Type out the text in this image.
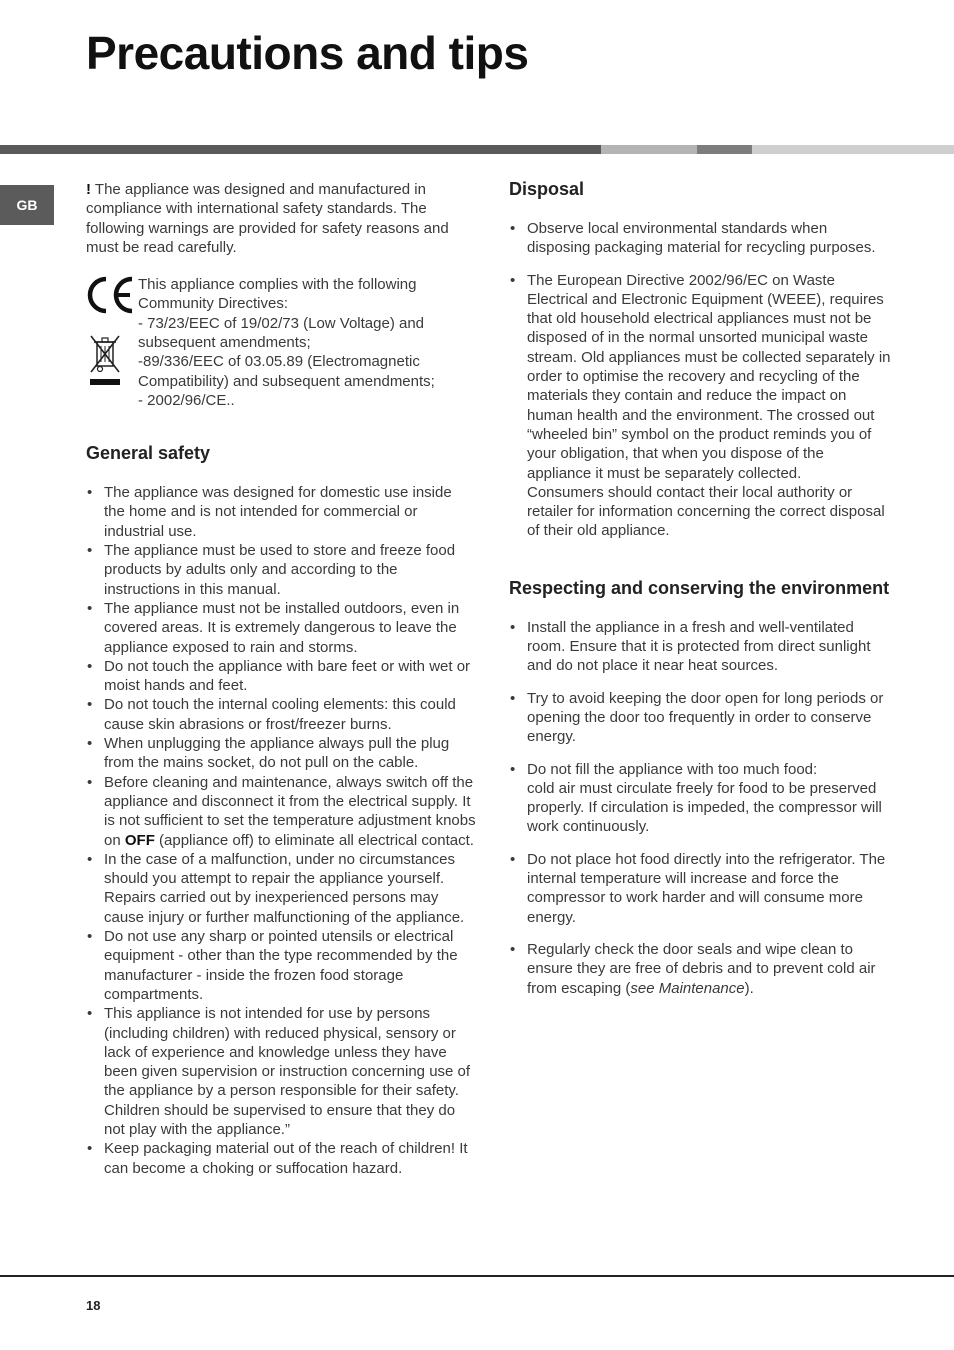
Precautions and tips
GB

! The appliance was designed and manufactured in compliance with international safety standards. The following warnings are provided for safety reasons and must be read carefully.

This appliance complies with the following Community Directives:
- 73/23/EEC of 19/02/73 (Low Voltage) and subsequent amendments;
-89/336/EEC of 03.05.89 (Electromagnetic Compatibility) and subsequent amendments;
- 2002/96/CE..
General safety
• The appliance was designed for domestic use inside the home and is not intended for commercial or industrial use.
• The appliance must be used to store and freeze food products by adults only and according to the instructions in this manual.
• The appliance must not be installed outdoors, even in covered areas. It is extremely dangerous to leave the appliance exposed to rain and storms.
• Do not touch the appliance with bare feet or with wet or moist hands and feet.
• Do not touch the internal cooling elements: this could cause skin abrasions or frost/freezer burns.
• When unplugging the appliance always pull the plug from the mains socket, do not pull on the cable.
• Before cleaning and maintenance, always switch off the appliance and disconnect it from the electrical supply. It is not sufficient to set the temperature adjustment knobs on OFF (appliance off) to eliminate all electrical contact.
• In the case of a malfunction, under no circumstances should you attempt to repair the appliance yourself. Repairs carried out by inexperienced persons may cause injury or further malfunctioning of the appliance.
• Do not use any sharp or pointed utensils or electrical equipment - other than the type recommended by the manufacturer - inside the frozen food storage compartments.
• This appliance is not intended for use by persons (including children) with reduced physical, sensory or lack of experience and knowledge unless they have been given supervision or instruction concerning use of the appliance by a person responsible for their safety. Children should be supervised to ensure that they do not play with the appliance.”
• Keep packaging material out of the reach of children! It can become a choking or suffocation hazard.
Disposal
• Observe local environmental standards when disposing packaging material for recycling purposes.
• The European Directive 2002/96/EC on Waste Electrical and Electronic Equipment (WEEE), requires that old household electrical appliances must not be disposed of in the normal unsorted municipal waste stream. Old appliances must be collected separately in order to optimise the recovery and recycling of the materials they contain and reduce the impact on human health and the environment. The crossed out “wheeled bin” symbol on the product reminds you of your obligation, that when you dispose of the appliance it must be separately collected.
Consumers should contact their local authority or retailer for information concerning the correct disposal of their old appliance.
Respecting and conserving the environment
• Install the appliance in a fresh and well-ventilated room. Ensure that it is protected from direct sunlight and do not place it near heat sources.
• Try to avoid keeping the door open for long periods or opening the door too frequently in order to conserve energy.
• Do not fill the appliance with too much food:
cold air must circulate freely for food to be preserved properly. If circulation is impeded, the compressor will work continuously.
• Do not place hot food directly into the refrigerator. The internal temperature will increase and force the compressor to work harder and will consume more energy.
• Regularly check the door seals and wipe clean to ensure they are free of debris and to prevent cold air from escaping (see Maintenance).
18
